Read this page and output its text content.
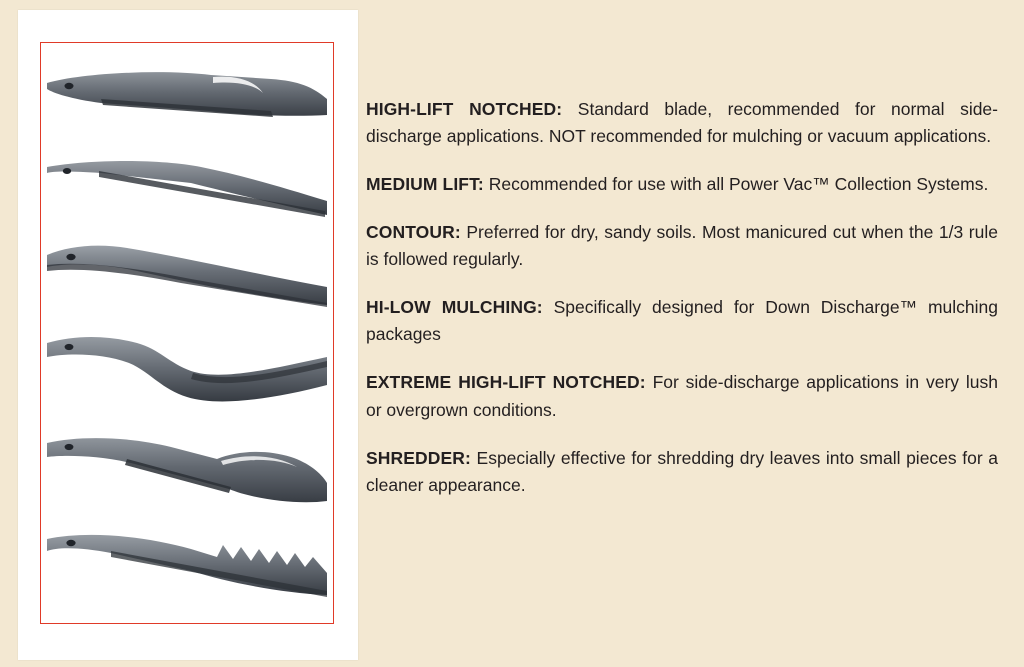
HIGH-LIFT NOTCHED: Standard blade, recommended for normal side-discharge applications. NOT recommended for mulching or vacuum applications.

MEDIUM LIFT: Recommended for use with all Power Vac™ Collection Systems.

CONTOUR: Preferred for dry, sandy soils. Most manicured cut when the 1/3 rule is followed regularly.

HI-LOW MULCHING: Specifically designed for Down Discharge™ mulching packages

EXTREME HIGH-LIFT NOTCHED: For side-discharge applications in very lush or overgrown conditions.

SHREDDER: Especially effective for shredding dry leaves into small pieces for a cleaner appearance.
